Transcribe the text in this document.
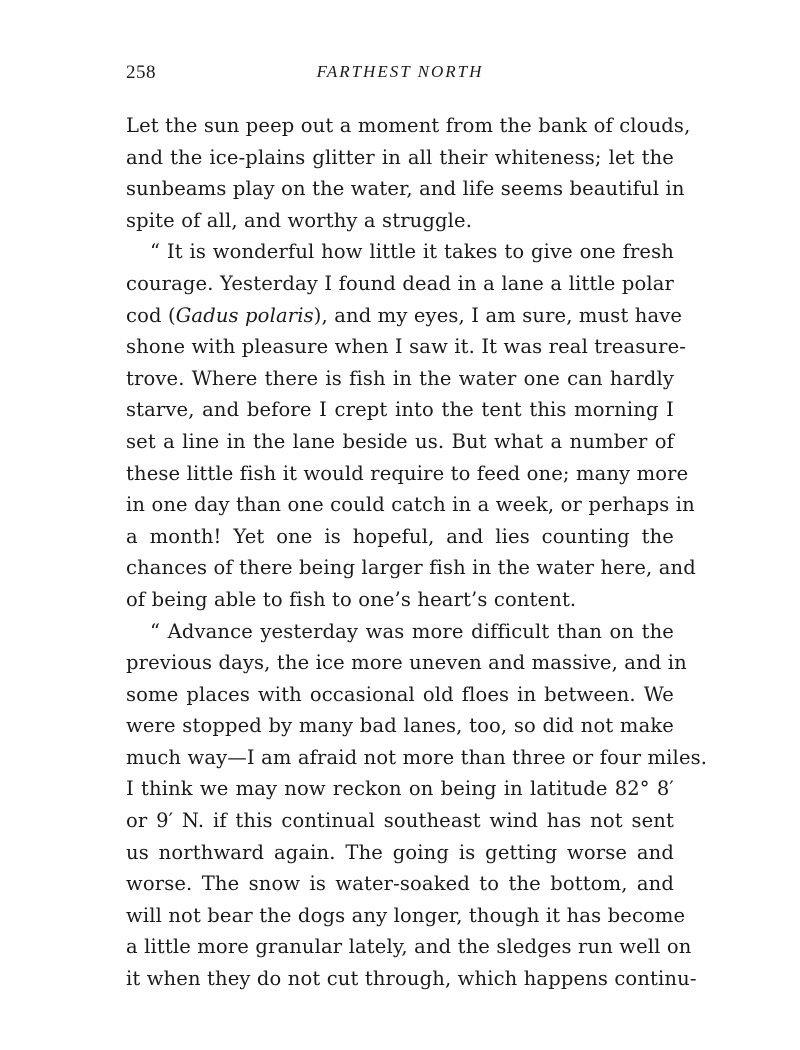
258	FARTHEST NORTH
Let the sun peep out a moment from the bank of clouds,
and the ice-plains glitter in all their whiteness; let the
sunbeams play on the water, and life seems beautiful in
spite of all, and worthy a struggle.
“ It is wonderful how little it takes to give one fresh
courage. Yesterday I found dead in a lane a little polar
cod (Gadus polaris), and my eyes, I am sure, must have
shone with pleasure when I saw it. It was real treasure-
trove. Where there is fish in the water one can hardly
starve, and before I crept into the tent this morning I
set a line in the lane beside us. But what a number of
these little fish it would require to feed one; many more
in one day than one could catch in a week, or perhaps in
a month! Yet one is hopeful, and lies counting the
chances of there being larger fish in the water here, and
of being able to fish to one’s heart’s content.
“ Advance yesterday was more difficult than on the
previous days, the ice more uneven and massive, and in
some places with occasional old floes in between. We
were stopped by many bad lanes, too, so did not make
much way—I am afraid not more than three or four miles.
I think we may now reckon on being in latitude 82° 8′
or 9′ N. if this continual southeast wind has not sent
us northward again. The going is getting worse and
worse. The snow is water-soaked to the bottom, and
will not bear the dogs any longer, though it has become
a little more granular lately, and the sledges run well on
it when they do not cut through, which happens continu-
